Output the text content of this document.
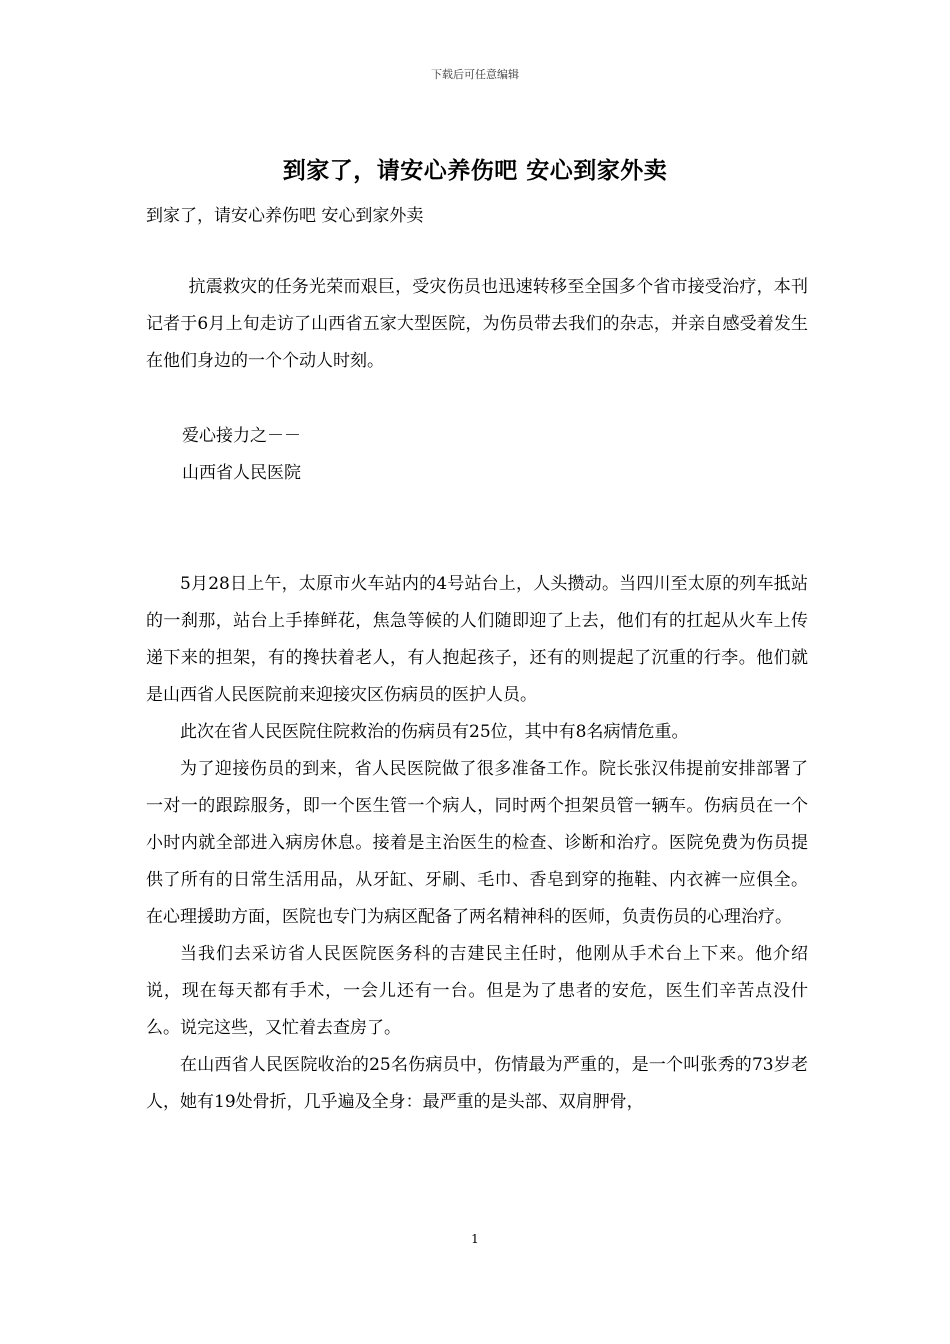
下载后可任意编辑
到家了，请安心养伤吧 安心到家外卖
到家了，请安心养伤吧 安心到家外卖

抗震救灾的任务光荣而艰巨，受灾伤员也迅速转移至全国多个省市接受治疗，本刊记者于6月上旬走访了山西省五家大型医院，为伤员带去我们的杂志，并亲自感受着发生在他们身边的一个个动人时刻。

爱心接力之－－
山西省人民医院

5月28日上午，太原市火车站内的4号站台上，人头攒动。当四川至太原的列车抵站的一刹那，站台上手捧鲜花，焦急等候的人们随即迎了上去，他们有的扛起从火车上传递下来的担架，有的搀扶着老人，有人抱起孩子，还有的则提起了沉重的行李。他们就是山西省人民医院前来迎接灾区伤病员的医护人员。

此次在省人民医院住院救治的伤病员有25位，其中有8名病情危重。

为了迎接伤员的到来，省人民医院做了很多准备工作。院长张汉伟提前安排部署了一对一的跟踪服务，即一个医生管一个病人，同时两个担架员管一辆车。伤病员在一个小时内就全部进入病房休息。接着是主治医生的检查、诊断和治疗。医院免费为伤员提供了所有的日常生活用品，从牙缸、牙刷、毛巾、香皂到穿的拖鞋、内衣裤一应俱全。在心理援助方面，医院也专门为病区配备了两名精神科的医师，负责伤员的心理治疗。

当我们去采访省人民医院医务科的吉建民主任时，他刚从手术台上下来。他介绍说，现在每天都有手术，一会儿还有一台。但是为了患者的安危，医生们辛苦点没什么。说完这些，又忙着去查房了。

在山西省人民医院收治的25名伤病员中，伤情最为严重的，是一个叫张秀的73岁老人，她有19处骨折，几乎遍及全身：最严重的是头部、双肩胛骨，

1
